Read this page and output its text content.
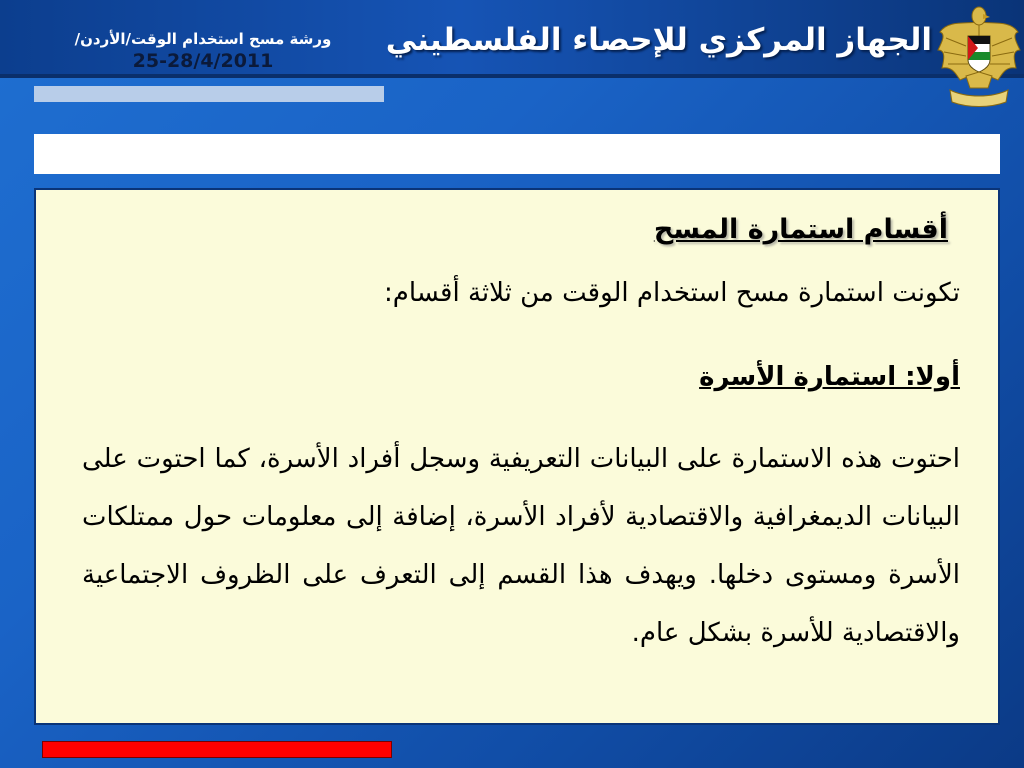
ورشة مسح استخدام الوقت/الأردن/
25-28/4/2011
الجهاز المركزي للإحصاء الفلسطيني
أقسام استمارة المسح
تكونت استمارة مسح استخدام الوقت من ثلاثة أقسام:
أولا: استمارة الأسرة
احتوت هذه الاستمارة على البيانات التعريفية وسجل أفراد الأسرة، كما احتوت على البيانات الديمغرافية والاقتصادية لأفراد الأسرة، إضافة إلى معلومات حول ممتلكات الأسرة ومستوى دخلها. ويهدف هذا القسم إلى التعرف على الظروف الاجتماعية والاقتصادية للأسرة بشكل عام.
